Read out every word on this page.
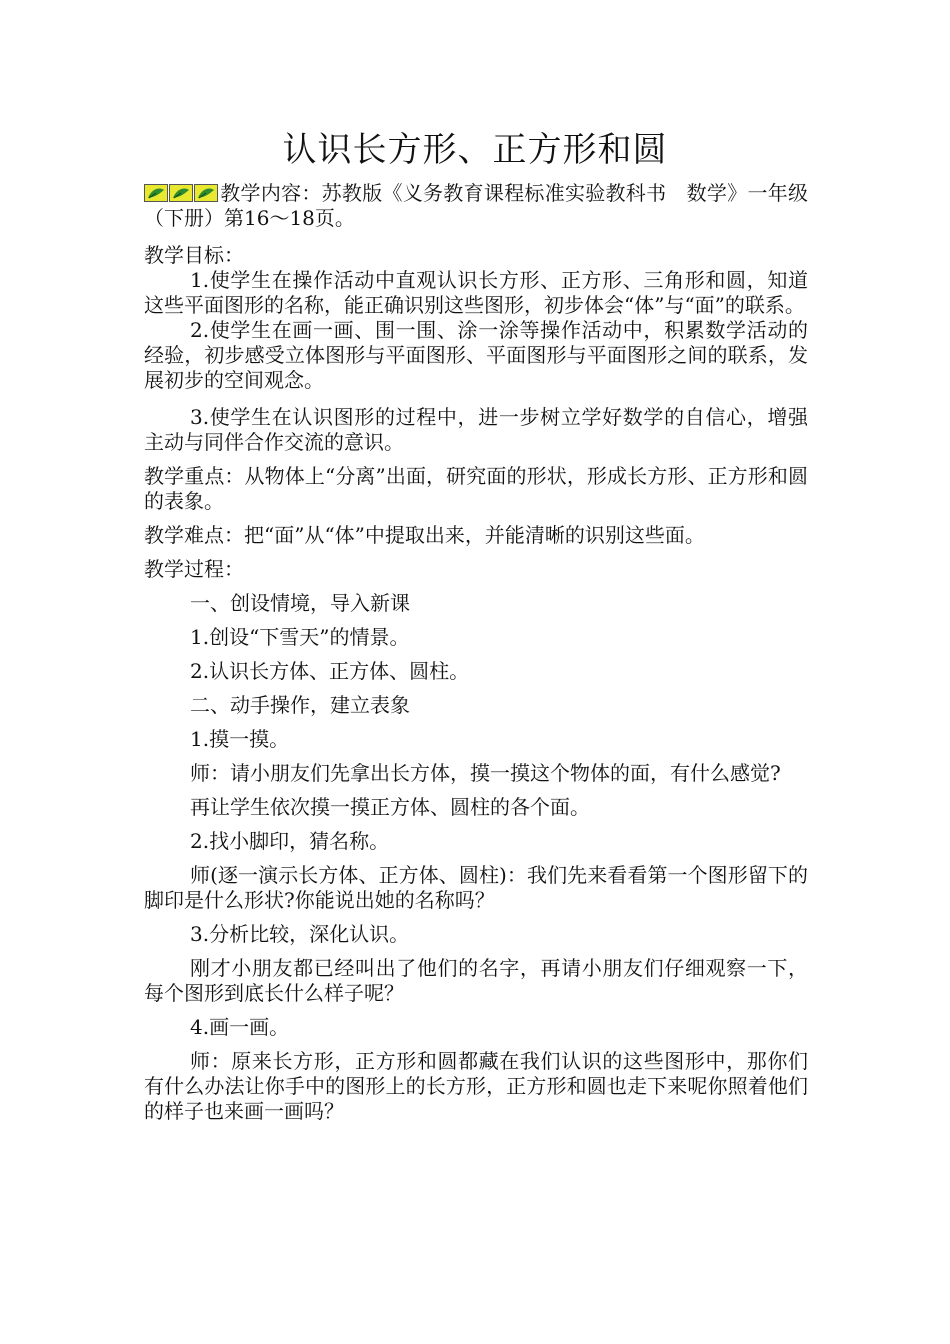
认识长方形、正方形和圆

教学内容：苏教版《义务教育课程标准实验教科书　数学》一年级（下册）第16～18页。

教学目标：

1.使学生在操作活动中直观认识长方形、正方形、三角形和圆，知道这些平面图形的名称，能正确识别这些图形，初步体会“体”与“面”的联系。

2.使学生在画一画、围一围、涂一涂等操作活动中，积累数学活动的经验，初步感受立体图形与平面图形、平面图形与平面图形之间的联系，发展初步的空间观念。

3.使学生在认识图形的过程中，进一步树立学好数学的自信心，增强主动与同伴合作交流的意识。

教学重点：从物体上“分离”出面，研究面的形状，形成长方形、正方形和圆的表象。

教学难点：把“面”从“体”中提取出来，并能清晰的识别这些面。

教学过程：

一、创设情境，导入新课

1.创设“下雪天”的情景。

2.认识长方体、正方体、圆柱。

二、动手操作，建立表象

1.摸一摸。

师：请小朋友们先拿出长方体，摸一摸这个物体的面，有什么感觉?

再让学生依次摸一摸正方体、圆柱的各个面。

2.找小脚印，猜名称。

师(逐一演示长方体、正方体、圆柱)：我们先来看看第一个图形留下的脚印是什么形状?你能说出她的名称吗？

3.分析比较，深化认识。

刚才小朋友都已经叫出了他们的名字，再请小朋友们仔细观察一下，每个图形到底长什么样子呢？

4.画一画。

师：原来长方形，正方形和圆都藏在我们认识的这些图形中，那你们有什么办法让你手中的图形上的长方形，正方形和圆也走下来呢你照着他们的样子也来画一画吗？
